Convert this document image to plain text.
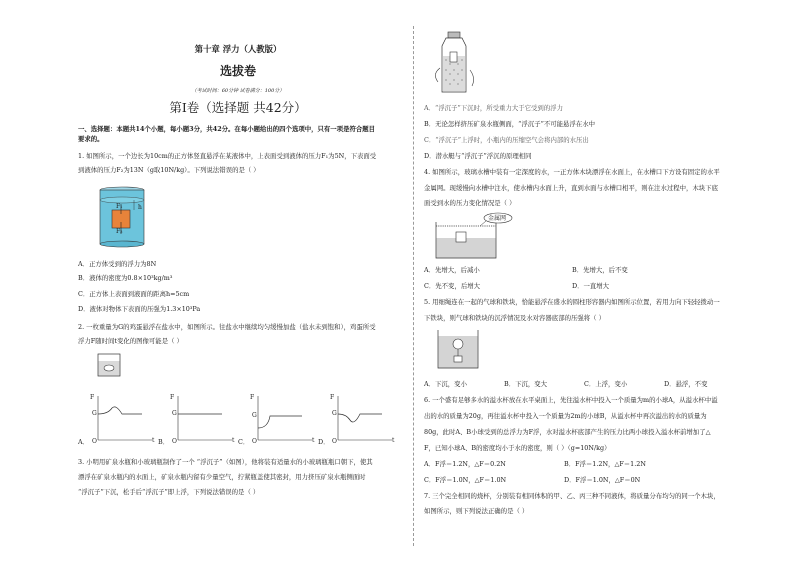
第十章 浮力（人教版）
选拔卷
（考试时间：60分钟 试卷满分：100分）
第Ⅰ卷（选择题 共42分）
一、选择题：本题共14个小题，每小题3分，共42分。在每小题给出的四个选项中，只有一项是符合题目
要求的。
1. 如图所示，一个边长为10cm的正方体竖直悬浮在某液体中，上表面受到液体的压力F₁为5N，下表面受
到液体的压力F₂为13N（g取10N/kg）。下列说法错误的是（ ）
F₁
F₂
h
A．正方体受到的浮力为8N
B．液体的密度为0.8×10³kg/m³
C．正方体上表面到液面的距离h=5cm
D．液体对物体下表面的压强为1.3×10³Pa
2. 一枚重量为G的鸡蛋悬浮在盐水中，如图所示。往盐水中继续均匀缓慢加盐（盐水未到饱和），鸡蛋所受
浮力F随时间t变化的图像可能是（ ）
F
G
t
O
A．
F
G
t
O
B．
F
G
t
O
C．
F
G
t
O
D．
3. 小明用矿泉水瓶和小玻璃瓶制作了一个 “浮沉子”（如图），他将装有适量水的小玻璃瓶瓶口朝下，使其
漂浮在矿泉水瓶内的水面上，矿泉水瓶内留有少量空气，拧紧瓶盖使其密封，用力挤压矿泉水瓶侧面时
“浮沉子”下沉，松手后“浮沉子”即上浮，下列说法错误的是（ ）
A．“浮沉子”下沉时，所受重力大于它受到的浮力
B．无论怎样挤压矿泉水瓶侧面，“浮沉子”不可能悬浮在水中
C．“浮沉子”上浮时，小瓶内的压缩空气会将内部的水压出
D．潜水艇与“浮沉子”浮沉的原理相同
4. 如图所示，玻璃水槽中装有一定深度的水，一正方体木块漂浮在水面上，在水槽口下方设有固定的水平
金属网。现缓慢向水槽中注水，使水槽内水面上升，直到水面与水槽口相平，则在注水过程中，木块下底
面受到水的压力变化情况是（ ）
金属网
A．先增大，后减小	B．先增大，后不变
C．先不变，后增大	D．一直增大
5. 用细绳连在一起的气球和铁块，恰能悬浮在盛水的圆柱形容器内如图所示位置，若用力向下轻轻拨动一
下铁块，则气球和铁块的沉浮情况及水对容器底部的压强将（ ）
A．下沉，变小	B．下沉，变大	C．上浮，变小	D．悬浮，不变
6. 一个盛有足够多水的溢水杯放在水平桌面上，先往溢水杯中投入一个质量为m的小球A，从溢水杯中溢
出的水的质量为20g，再往溢水杯中投入一个质量为2m的小球B，从溢水杯中再次溢出的水的质量为
80g，此时A、B小球受到的总浮力为F浮，水对溢水杯底部产生的压力比两小球投入溢水杯前增加了△
F，已知小球A、B的密度均小于水的密度，则（ ）（g=10N/kg）
A．F浮＝1.2N，△F＝0.2N	B．F浮＝1.2N，△F＝1.2N
C．F浮＝1.0N，△F＝1.0N	D．F浮＝1.0N，△F＝0N
7. 三个完全相同的烧杯，分别装有相同体积的甲、乙、丙三种不同液体，将质量分布均匀的同一个木块，
如图所示，则下列说法正确的是（ ）
